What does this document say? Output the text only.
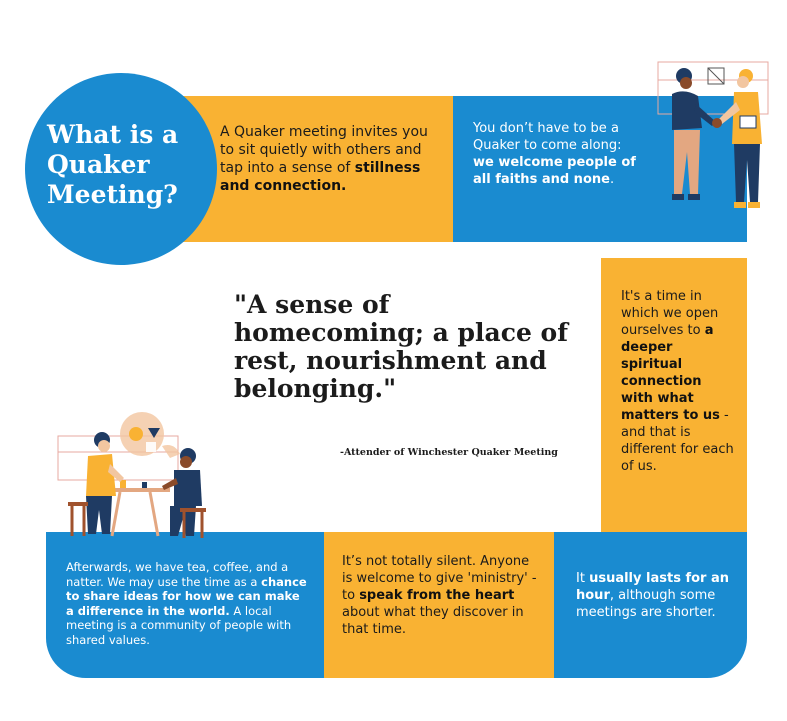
What is a Quaker Meeting?
A Quaker meeting invites you to sit quietly with others and tap into a sense of stillness and connection.
You don’t have to be a Quaker to come along: we welcome people of all faiths and none.
It's a time in which we open ourselves to a deeper spiritual connection with what matters to us - and that is different for each of us.
Afterwards, we have tea, coffee, and a natter. We may use the time as a chance to share ideas for how we can make a difference in the world. A local meeting is a community of people with shared values.
It’s not totally silent. Anyone is welcome to give 'ministry' - to speak from the heart about what they discover in that time.
It usually lasts for an hour, although some meetings are shorter.
"A sense of homecoming; a place of rest, nourishment and belonging."
-Attender of Winchester Quaker Meeting
